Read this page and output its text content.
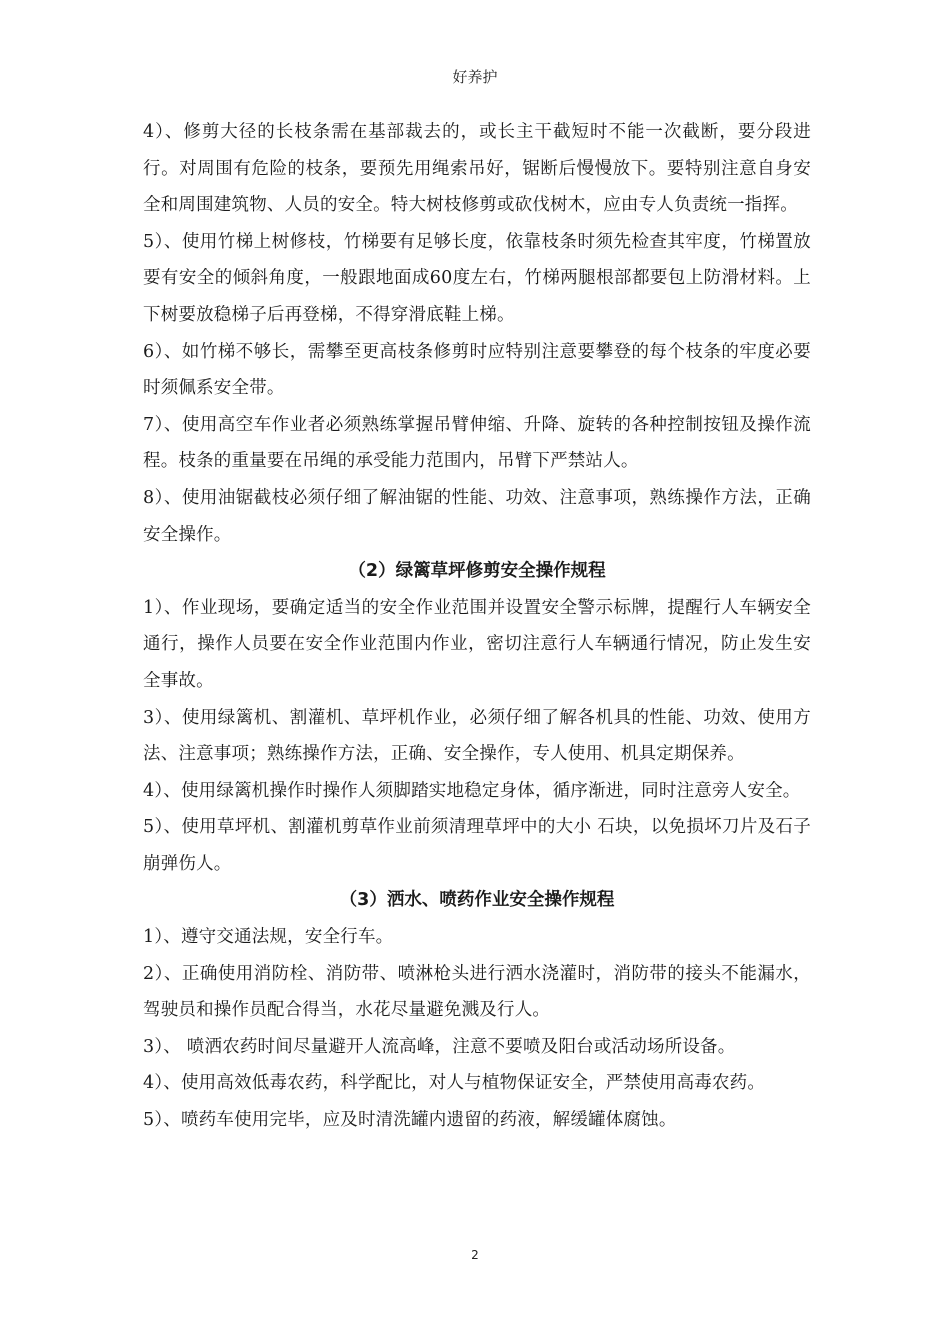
好养护

4）、修剪大径的长枝条需在基部裁去的，或长主干截短时不能一次截断，要分段进行。对周围有危险的枝条，要预先用绳索吊好，锯断后慢慢放下。要特别注意自身安全和周围建筑物、人员的安全。特大树枝修剪或砍伐树木，应由专人负责统一指挥。

5）、使用竹梯上树修枝，竹梯要有足够长度，依靠枝条时须先检查其牢度，竹梯置放要有安全的倾斜角度，一般跟地面成60度左右，竹梯两腿根部都要包上防滑材料。上下树要放稳梯子后再登梯，不得穿滑底鞋上梯。

6）、如竹梯不够长，需攀至更高枝条修剪时应特别注意要攀登的每个枝条的牢度必要时须佩系安全带。

7）、使用高空车作业者必须熟练掌握吊臂伸缩、升降、旋转的各种控制按钮及操作流程。枝条的重量要在吊绳的承受能力范围内，吊臂下严禁站人。

8）、使用油锯截枝必须仔细了解油锯的性能、功效、注意事项，熟练操作方法，正确安全操作。

（2）绿篱草坪修剪安全操作规程

1）、作业现场，要确定适当的安全作业范围并设置安全警示标牌，提醒行人车辆安全通行，操作人员要在安全作业范围内作业，密切注意行人车辆通行情况，防止发生安全事故。

3）、使用绿篱机、割灌机、草坪机作业，必须仔细了解各机具的性能、功效、使用方法、注意事项；熟练操作方法，正确、安全操作，专人使用、机具定期保养。

4）、使用绿篱机操作时操作人须脚踏实地稳定身体，循序渐进，同时注意旁人安全。

5）、使用草坪机、割灌机剪草作业前须清理草坪中的大小 石块，以免损坏刀片及石子崩弹伤人。

（3）洒水、喷药作业安全操作规程

1）、遵守交通法规，安全行车。

2）、正确使用消防栓、消防带、喷淋枪头进行洒水浇灌时，消防带的接头不能漏水，驾驶员和操作员配合得当，水花尽量避免溅及行人。

3）、 喷洒农药时间尽量避开人流高峰，注意不要喷及阳台或活动场所设备。

4）、使用高效低毒农药，科学配比，对人与植物保证安全，严禁使用高毒农药。

5）、喷药车使用完毕，应及时清洗罐内遗留的药液，解缓罐体腐蚀。

2
